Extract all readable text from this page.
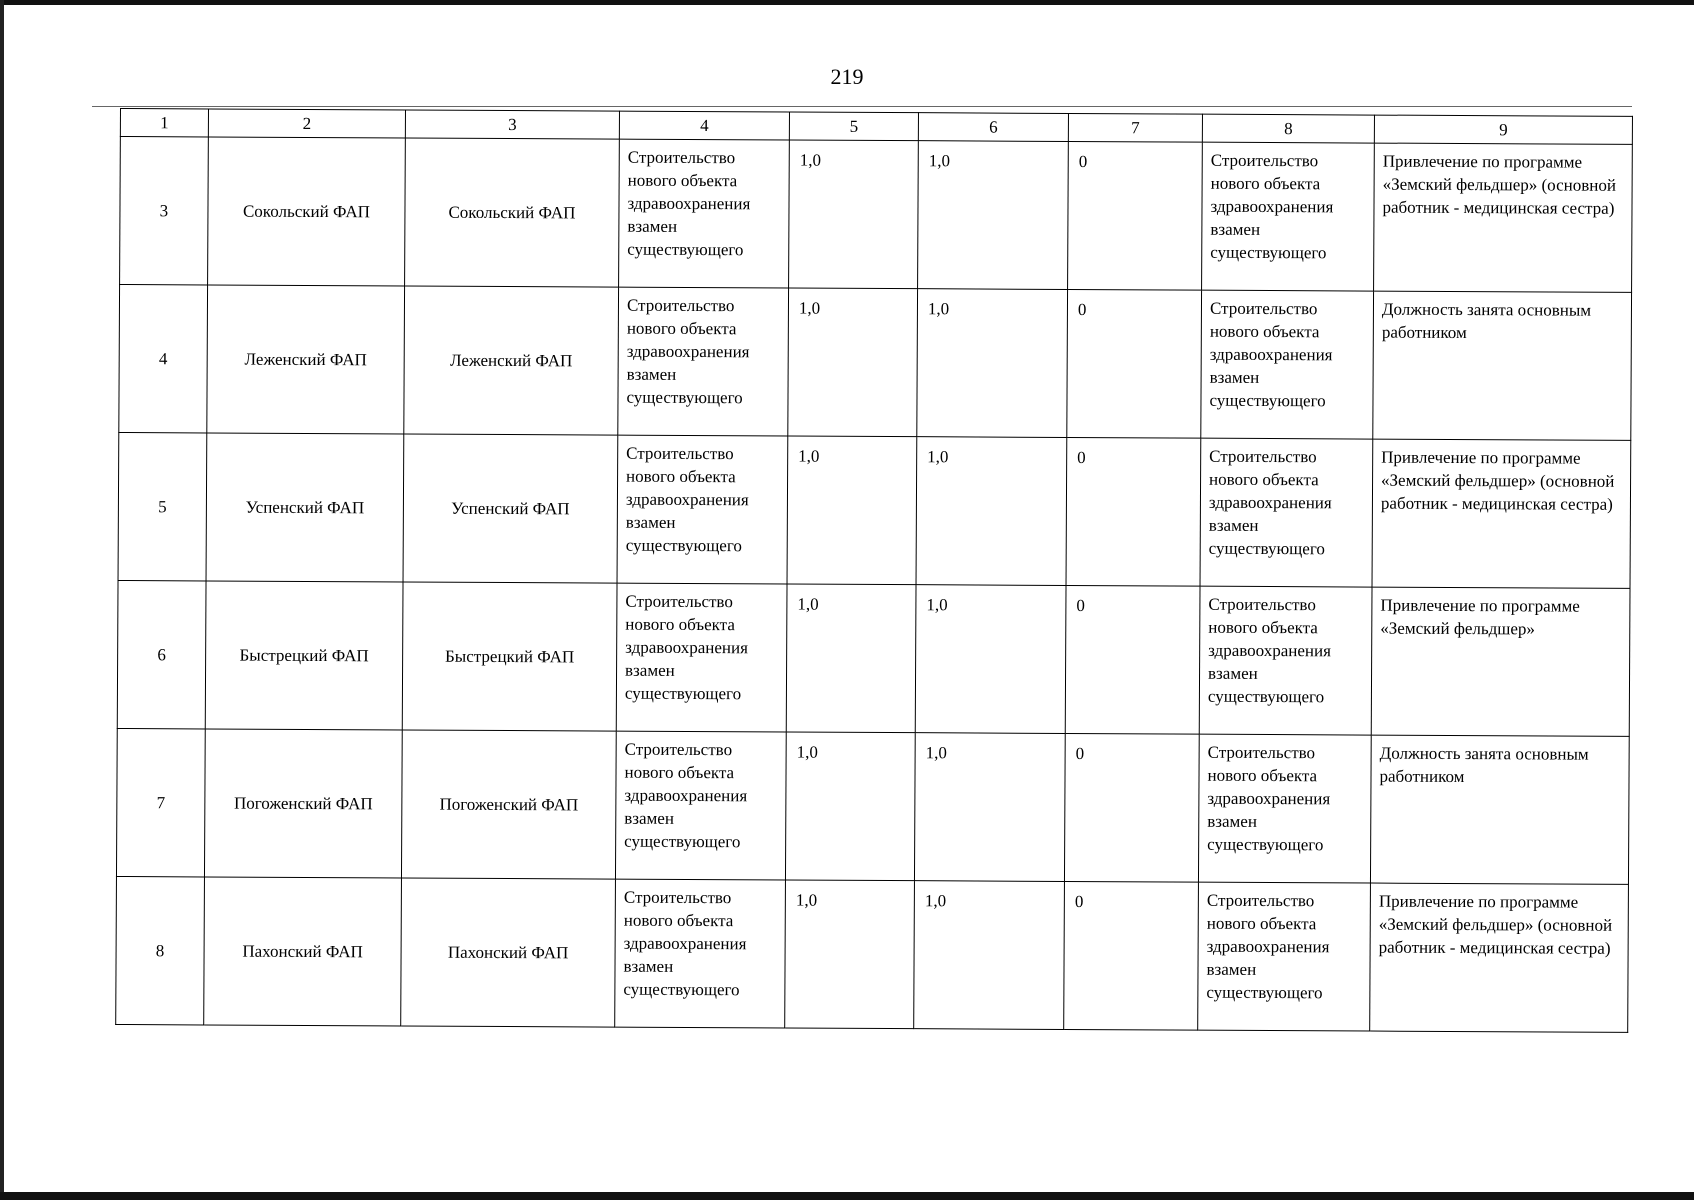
219
1	2	3	4	5	6	7	8	9
3	Сокольский ФАП	Сокольский ФАП	Строительство нового объекта здравоохранения взамен существующего	1,0	1,0	0	Строительство нового объекта здравоохранения взамен существующего	Привлечение по программе «Земский фельдшер» (основной работник - медицинская сестра)
4	Леженский ФАП	Леженский ФАП	Строительство нового объекта здравоохранения взамен существующего	1,0	1,0	0	Строительство нового объекта здравоохранения взамен существующего	Должность занята основным работником
5	Успенский ФАП	Успенский ФАП	Строительство нового объекта здравоохранения взамен существующего	1,0	1,0	0	Строительство нового объекта здравоохранения взамен существующего	Привлечение по программе «Земский фельдшер» (основной работник - медицинская сестра)
6	Быстрецкий ФАП	Быстрецкий ФАП	Строительство нового объекта здравоохранения взамен существующего	1,0	1,0	0	Строительство нового объекта здравоохранения взамен существующего	Привлечение по программе «Земский фельдшер»
7	Погоженский ФАП	Погоженский ФАП	Строительство нового объекта здравоохранения взамен существующего	1,0	1,0	0	Строительство нового объекта здравоохранения взамен существующего	Должность занята основным работником
8	Пахонский ФАП	Пахонский ФАП	Строительство нового объекта здравоохранения взамен существующего	1,0	1,0	0	Строительство нового объекта здравоохранения взамен существующего	Привлечение по программе «Земский фельдшер» (основной работник - медицинская сестра)
